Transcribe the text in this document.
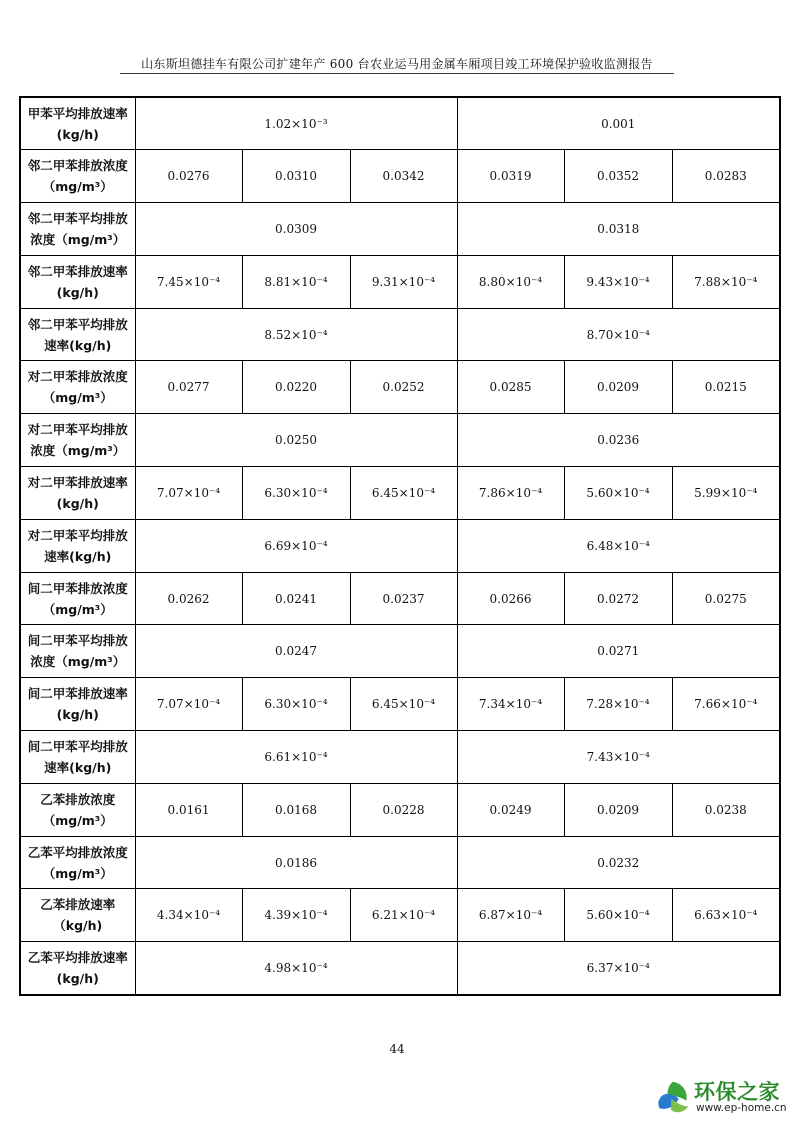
山东斯坦德挂车有限公司扩建年产 600 台农业运马用金属车厢项目竣工环境保护验收监测报告
甲苯平均排放速率(kg/h)	1.02×10⁻³			0.001		
邻二甲苯排放浓度（mg/m³）	0.0276	0.0310	0.0342	0.0319	0.0352	0.0283
邻二甲苯平均排放浓度（mg/m³）	0.0309			0.0318		
邻二甲苯排放速率(kg/h)	7.45×10⁻⁴	8.81×10⁻⁴	9.31×10⁻⁴	8.80×10⁻⁴	9.43×10⁻⁴	7.88×10⁻⁴
邻二甲苯平均排放速率(kg/h)	8.52×10⁻⁴			8.70×10⁻⁴		
对二甲苯排放浓度（mg/m³）	0.0277	0.0220	0.0252	0.0285	0.0209	0.0215
对二甲苯平均排放浓度（mg/m³）	0.0250			0.0236		
对二甲苯排放速率(kg/h)	7.07×10⁻⁴	6.30×10⁻⁴	6.45×10⁻⁴	7.86×10⁻⁴	5.60×10⁻⁴	5.99×10⁻⁴
对二甲苯平均排放速率(kg/h)	6.69×10⁻⁴			6.48×10⁻⁴		
间二甲苯排放浓度（mg/m³）	0.0262	0.0241	0.0237	0.0266	0.0272	0.0275
间二甲苯平均排放浓度（mg/m³）	0.0247			0.0271		
间二甲苯排放速率(kg/h)	7.07×10⁻⁴	6.30×10⁻⁴	6.45×10⁻⁴	7.34×10⁻⁴	7.28×10⁻⁴	7.66×10⁻⁴
间二甲苯平均排放速率(kg/h)	6.61×10⁻⁴			7.43×10⁻⁴		
乙苯排放浓度（mg/m³）	0.0161	0.0168	0.0228	0.0249	0.0209	0.0238
乙苯平均排放浓度（mg/m³）	0.0186			0.0232		
乙苯排放速率（kg/h)	4.34×10⁻⁴	4.39×10⁻⁴	6.21×10⁻⁴	6.87×10⁻⁴	5.60×10⁻⁴	6.63×10⁻⁴
乙苯平均排放速率(kg/h)	4.98×10⁻⁴			6.37×10⁻⁴		
44
环保之家
www.ep-home.cn
